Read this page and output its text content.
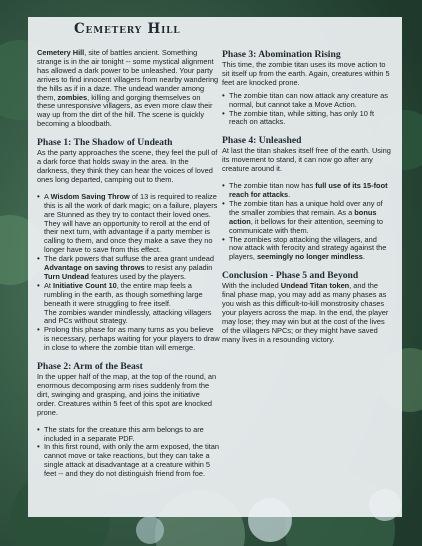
Cemetery Hill

Cemetery Hill, site of battles ancient. Something strange is in the air tonight -- some mystical alignment has allowed a dark power to be unleashed. Your party arrives to find innocent villagers from nearby wandering the hills as if in a daze. The undead wander among them, zombies, killing and gorging themselves on these unresponsive villagers, as even more claw their way up from the dirt of the hill. The scene is quickly becoming a bloodbath.

Phase 1: The Shadow of Undeath

As the party approaches the scene, they feel the pull of a dark force that holds sway in the area. In the darkness, they think they can hear the voices of loved ones long departed, camping out to them.

• A Wisdom Saving Throw of 13 is required to realize this is all the work of dark magic; on a failure, players are Stunned as they try to contact their loved ones. They will have an opportunity to reroll at the end of their next turn, with advantage if a party member is calling to them, and once they make a save they no longer have to save from this effect.
• The dark powers that suffuse the area grant undead Advantage on saving throws to resist any paladin Turn Undead features used by the players.
• At Initiative Count 10, the entire map feels a rumbling in the earth, as though something large beneath it were struggling to free itself.
The zombies wander mindlessly, attacking villagers and PCs without strategy.
• Prolong this phase for as many turns as you believe is necessary, perhaps waiting for your players to draw in close to where the zombie titan will emerge.
Phase 2: Arm of the Beast

In the upper half of the map, at the top of the round, an enormous decomposing arm rises suddenly from the dirt, swinging and grasping, and joins the initiative order. Creatures within 5 feet of this spot are knocked prone.

• The stats for the creature this arm belongs to are included in a separate PDF.
• In this first round, with only the arm exposed, the titan cannot move or take reactions, but they can take a single attack at disadvantage at a creature within 5 feet -- and they do not distinguish friend from foe.
Phase 3: Abomination Rising

This time, the zombie titan uses its move action to sit itself up from the earth. Again, creatures within 5 feet are knocked prone.

• The zombie titan can now attack any creature as normal, but cannot take a Move Action.
• The zombie titan, while sitting, has only 10 ft reach on attacks.
Phase 4: Unleashed

At last the titan shakes itself free of the earth. Using its movement to stand, it can now go after any creature around it.

• The zombie titan now has full use of its 15-foot reach for attacks.
• The zombie titan has a unique hold over any of the smaller zombies that remain. As a bonus action, it bellows for their attention, seeming to communicate with them.
• The zombies stop attacking the villagers, and now attack with ferocity and strategy against the players, seemingly no longer mindless.
Conclusion - Phase 5 and Beyond

With the included Undead Titan token, and the final phase map, you may add as many phases as you wish as this difficult-to-kill monstrosity chases your players across the map. In the end, the player may lose; they may win but at the cost of the lives of the villagers NPCs; or they might have saved many lives in a resounding victory.
